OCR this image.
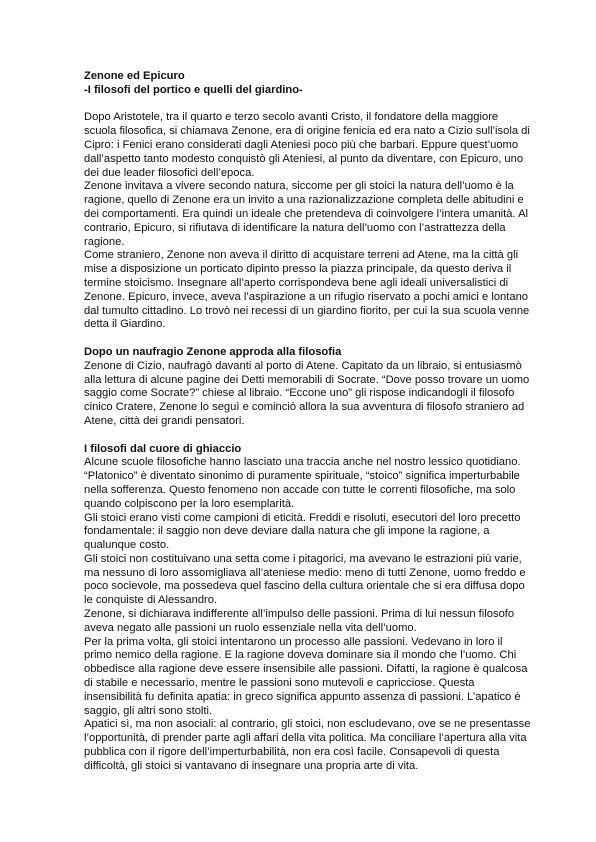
Zenone ed Epicuro
-I filosofi del portico e quelli del giardino-
Dopo Aristotele, tra il quarto e terzo secolo avanti Cristo, il fondatore della maggiore
scuola filosofica, si chiamava Zenone, era di origine fenicia ed era nato a Cizio sull’isola di
Cipro: i Fenici erano considerati dagli Ateniesi poco più che barbari. Eppure quest’uomo
dall’aspetto tanto modesto conquistò gli Ateniesi, al punto da diventare, con Epicuro, uno
dei due leader filosofici dell’epoca.
Zenone invitava a vivere secondo natura, siccome per gli stoici la natura dell’uomo è la
ragione, quello di Zenone era un invito a una razionalizzazione completa delle abitudini e
dei comportamenti. Era quindi un ideale che pretendeva di coinvolgere l’intera umanità. Al
contrario, Epicuro, si rifiutava di identificare la natura dell’uomo con l’astrattezza della
ragione.
Come straniero, Zenone non aveva il diritto di acquistare terreni ad Atene, ma la città gli
mise a disposizione un porticato dipinto presso la piazza principale, da questo deriva il
termine stoicismo. Insegnare all’aperto corrispondeva bene agli ideali universalistici di
Zenone. Epicuro, invece, aveva l’aspirazione a un rifugio riservato a pochi amici e lontano
dal tumulto cittadino. Lo trovò nei recessi di un giardino fiorito, per cui la sua scuola venne
detta il Giardino.
Dopo un naufragio Zenone approda alla filosofia
Zenone di Cizio, naufragò davanti al porto di Atene. Capitato da un libraio, si entusiasmò
alla lettura di alcune pagine dei Detti memorabili di Socrate. “Dove posso trovare un uomo
saggio come Socrate?” chiese al libraio. “Eccone uno” gli rispose indicandogli il filosofo
cinico Cratere, Zenone lo seguì e cominciò allora la sua avventura di filosofo straniero ad
Atene, città dei grandi pensatori.
I filosofi dal cuore di ghiaccio
Alcune scuole filosofiche hanno lasciato una traccia anche nel nostro lessico quotidiano.
“Platonico” è diventato sinonimo di puramente spirituale, “stoico” significa imperturbabile
nella sofferenza. Questo fenomeno non accade con tutte le correnti filosofiche, ma solo
quando colpiscono per la loro esemplarità.
Gli stoici erano visti come campioni di eticità. Freddi e risoluti, esecutori del loro precetto
fondamentale: il saggio non deve deviare dalla natura che gli impone la ragione, a
qualunque costo.
Gli stoici non costituivano una setta come i pitagorici, ma avevano le estrazioni più varie,
ma nessuno di loro assomigliava all’ateniese medio: meno di tutti Zenone, uomo freddo e
poco socievole, ma possedeva quel fascino della cultura orientale che si era diffusa dopo
le conquiste di Alessandro.
Zenone, si dichiarava indifferente all’impulso delle passioni. Prima di lui nessun filosofo
aveva negato alle passioni un ruolo essenziale nella vita dell’uomo.
Per la prima volta, gli stoici intentarono un processo alle passioni. Vedevano in loro il
primo nemico della ragione. E la ragione doveva dominare sia il mondo che l’uomo. Chi
obbediscе alla ragione deve essere insensibile alle passioni. Difatti, la ragione è qualcosa
di stabile e necessario, mentre le passioni sono mutevoli e capricciose. Questa
insensibilità fu definita apatia: in greco significa appunto assenza di passioni. L’apatico è
saggio, gli altri sono stolti.
Apatici sì, ma non asociali: al contrario, gli stoici, non escludevano, ove se ne presentasse
l’opportunità, di prender parte agli affari della vita politica. Ma conciliare l’apertura alla vita
pubblica con il rigore dell’imperturbabilità, non era così facile. Consapevoli di questa
difficoltà, gli stoici si vantavano di insegnare una propria arte di vita.
